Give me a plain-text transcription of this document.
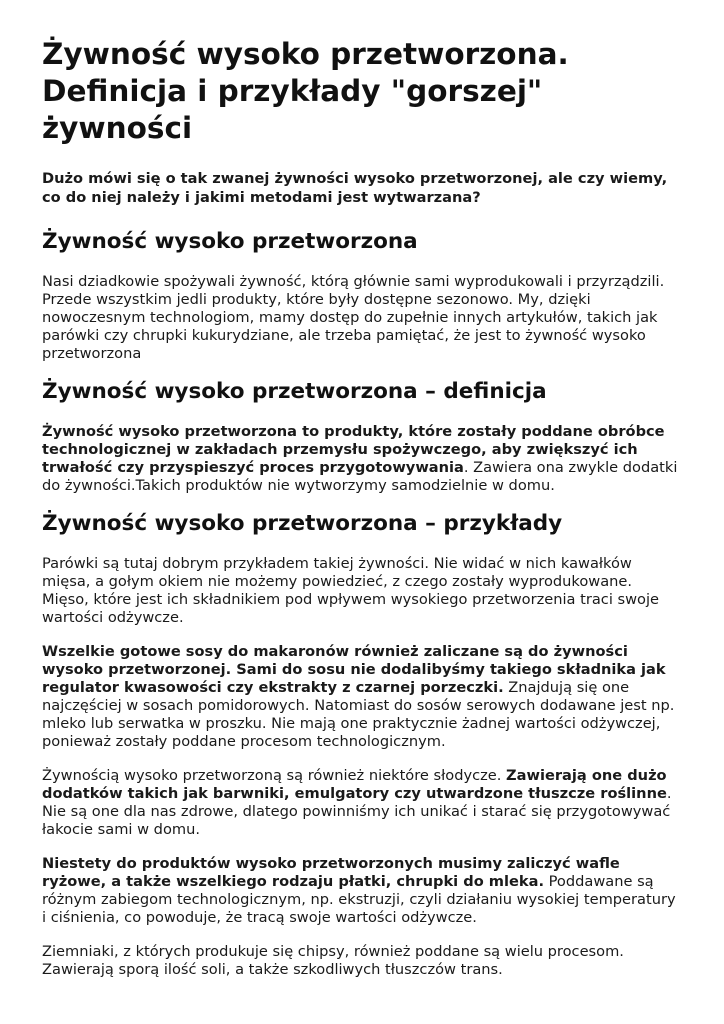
Żywność wysoko przetworzona. Definicja i przykłady "gorszej" żywności

Dużo mówi się o tak zwanej żywności wysoko przetworzonej, ale czy wiemy, co do niej należy i jakimi metodami jest wytwarzana?

Żywność wysoko przetworzona

Nasi dziadkowie spożywali żywność, którą głównie sami wyprodukowali i przyrządzili. Przede wszystkim jedli produkty, które były dostępne sezonowo. My, dzięki nowoczesnym technologiom, mamy dostęp do zupełnie innych artykułów, takich jak parówki czy chrupki kukurydziane, ale trzeba pamiętać, że jest to żywność wysoko przetworzona

Żywność wysoko przetworzona – definicja

Żywność wysoko przetworzona to produkty, które zostały poddane obróbce technologicznej w zakładach przemysłu spożywczego, aby zwiększyć ich trwałość czy przyspieszyć proces przygotowywania. Zawiera ona zwykle dodatki do żywności.Takich produktów nie wytworzymy samodzielnie w domu.

Żywność wysoko przetworzona – przykłady

Parówki są tutaj dobrym przykładem takiej żywności. Nie widać w nich kawałków mięsa, a gołym okiem nie możemy powiedzieć, z czego zostały wyprodukowane. Mięso, które jest ich składnikiem pod wpływem wysokiego przetworzenia traci swoje wartości odżywcze.

Wszelkie gotowe sosy do makaronów również zaliczane są do żywności wysoko przetworzonej. Sami do sosu nie dodalibyśmy takiego składnika jak regulator kwasowości czy ekstrakty z czarnej porzeczki. Znajdują się one najczęściej w sosach pomidorowych. Natomiast do sosów serowych dodawane jest np. mleko lub serwatka w proszku. Nie mają one praktycznie żadnej wartości odżywczej, ponieważ zostały poddane procesom technologicznym.

Żywnością wysoko przetworzoną są również niektóre słodycze. Zawierają one dużo dodatków takich jak barwniki, emulgatory czy utwardzone tłuszcze roślinne. Nie są one dla nas zdrowe, dlatego powinniśmy ich unikać i starać się przygotowywać łakocie sami w domu.

Niestety do produktów wysoko przetworzonych musimy zaliczyć wafle ryżowe, a także wszelkiego rodzaju płatki, chrupki do mleka. Poddawane są różnym zabiegom technologicznym, np. ekstruzji, czyli działaniu wysokiej temperatury i ciśnienia, co powoduje, że tracą swoje wartości odżywcze.

Ziemniaki, z których produkuje się chipsy, również poddane są wielu procesom. Zawierają sporą ilość soli, a także szkodliwych tłuszczów trans.
